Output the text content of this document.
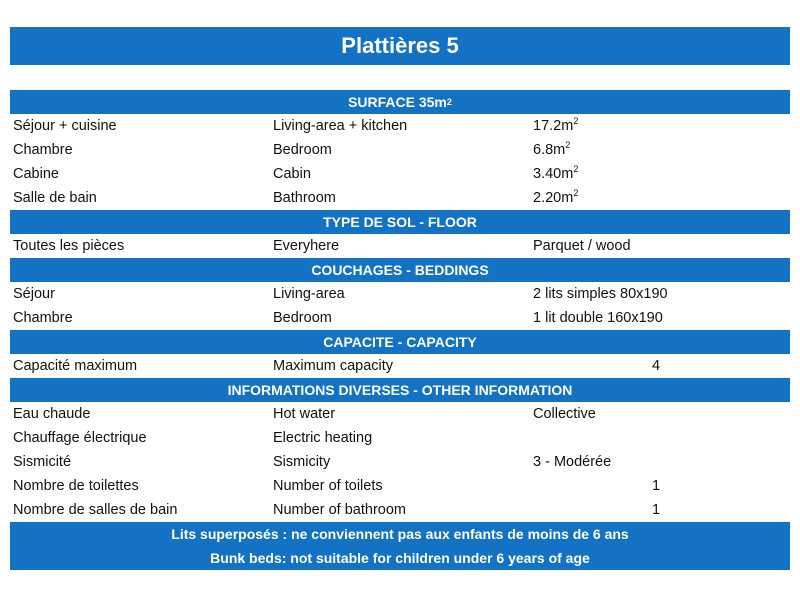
Plattières 5
SURFACE 35m 2
Séjour + cuisine	Living-area + kitchen	$17.2m^2$
Chambre	Bedroom	$6.8m^2$
Cabine	Cabin	$3.40m^2$
Salle de bain	Bathroom	$2.20m^2$
TYPE DE SOL - FLOOR
Toutes les pièces	Everyhere	Parquet / wood
COUCHAGES - BEDDINGS
Séjour	Living-area	2 lits simples 80x190
Chambre	Bedroom	1 lit double 160x190
CAPACITE - CAPACITY
Capacité maximum	Maximum capacity	4
INFORMATIONS DIVERSES - OTHER INFORMATION
Eau chaude	Hot water	Collective
Chauffage électrique	Electric heating
Sismicité	Sismicity	3 - Modérée
Nombre de toilettes	Number of toilets	1
Nombre de salles de bain	Number of bathroom	1
Lits superposés : ne conviennent pas aux enfants de moins de 6 ans
Bunk beds: not suitable for children under 6 years of age
